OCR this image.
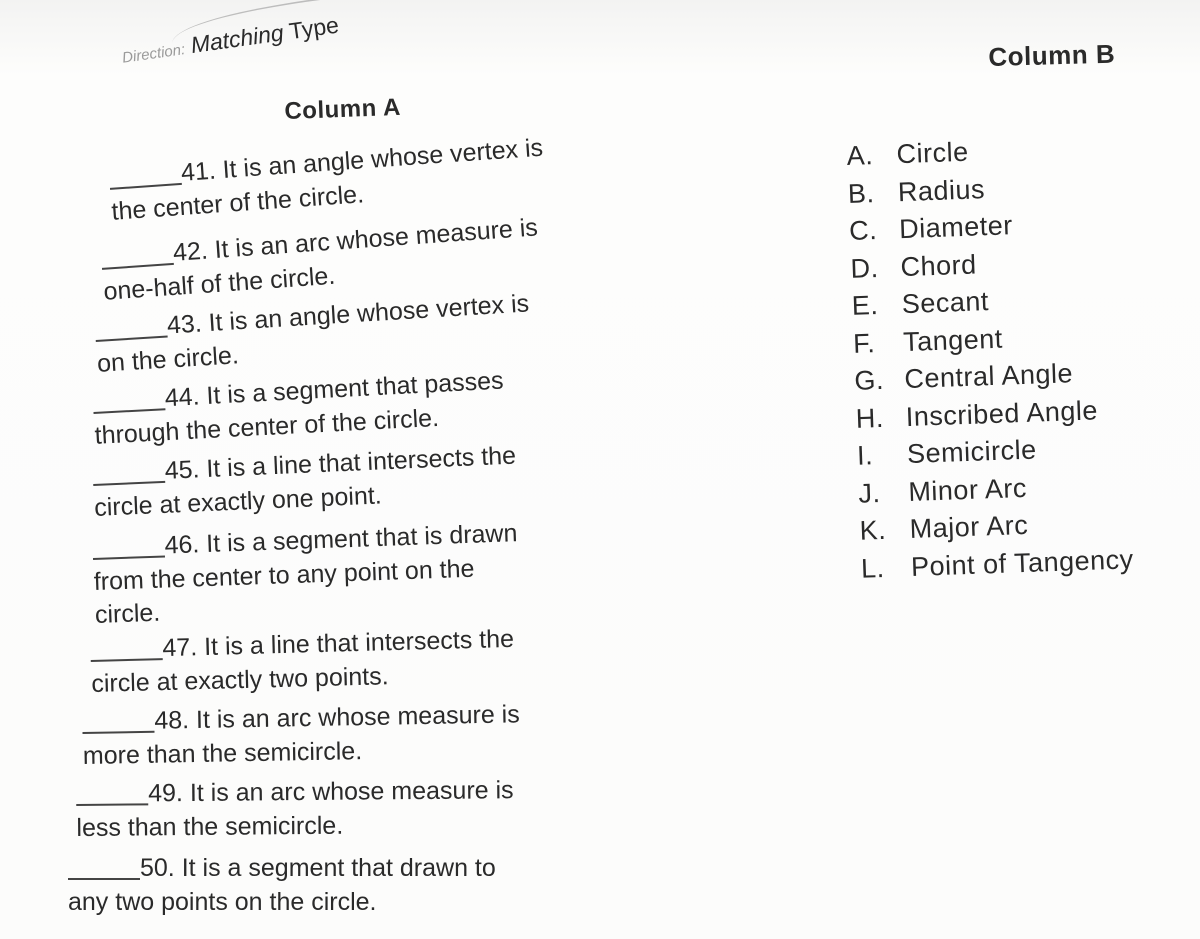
Direction: Matching Type
Column A
Column B
41. It is an angle whose vertex is
the center of the circle.
42. It is an arc whose measure is
one-half of the circle.
43. It is an angle whose vertex is
on the circle.
44. It is a segment that passes
through the center of the circle.
45. It is a line that intersects the
circle at exactly one point.
46. It is a segment that is drawn
from the center to any point on the
circle.
47. It is a line that intersects the
circle at exactly two points.
48. It is an arc whose measure is
more than the semicircle.
49. It is an arc whose measure is
less than the semicircle.
50. It is a segment that drawn to
any two points on the circle.
A. Circle
B. Radius
C. Diameter
D. Chord
E. Secant
F. Tangent
G. Central Angle
H. Inscribed Angle
I. Semicircle
J. Minor Arc
K. Major Arc
L. Point of Tangency
